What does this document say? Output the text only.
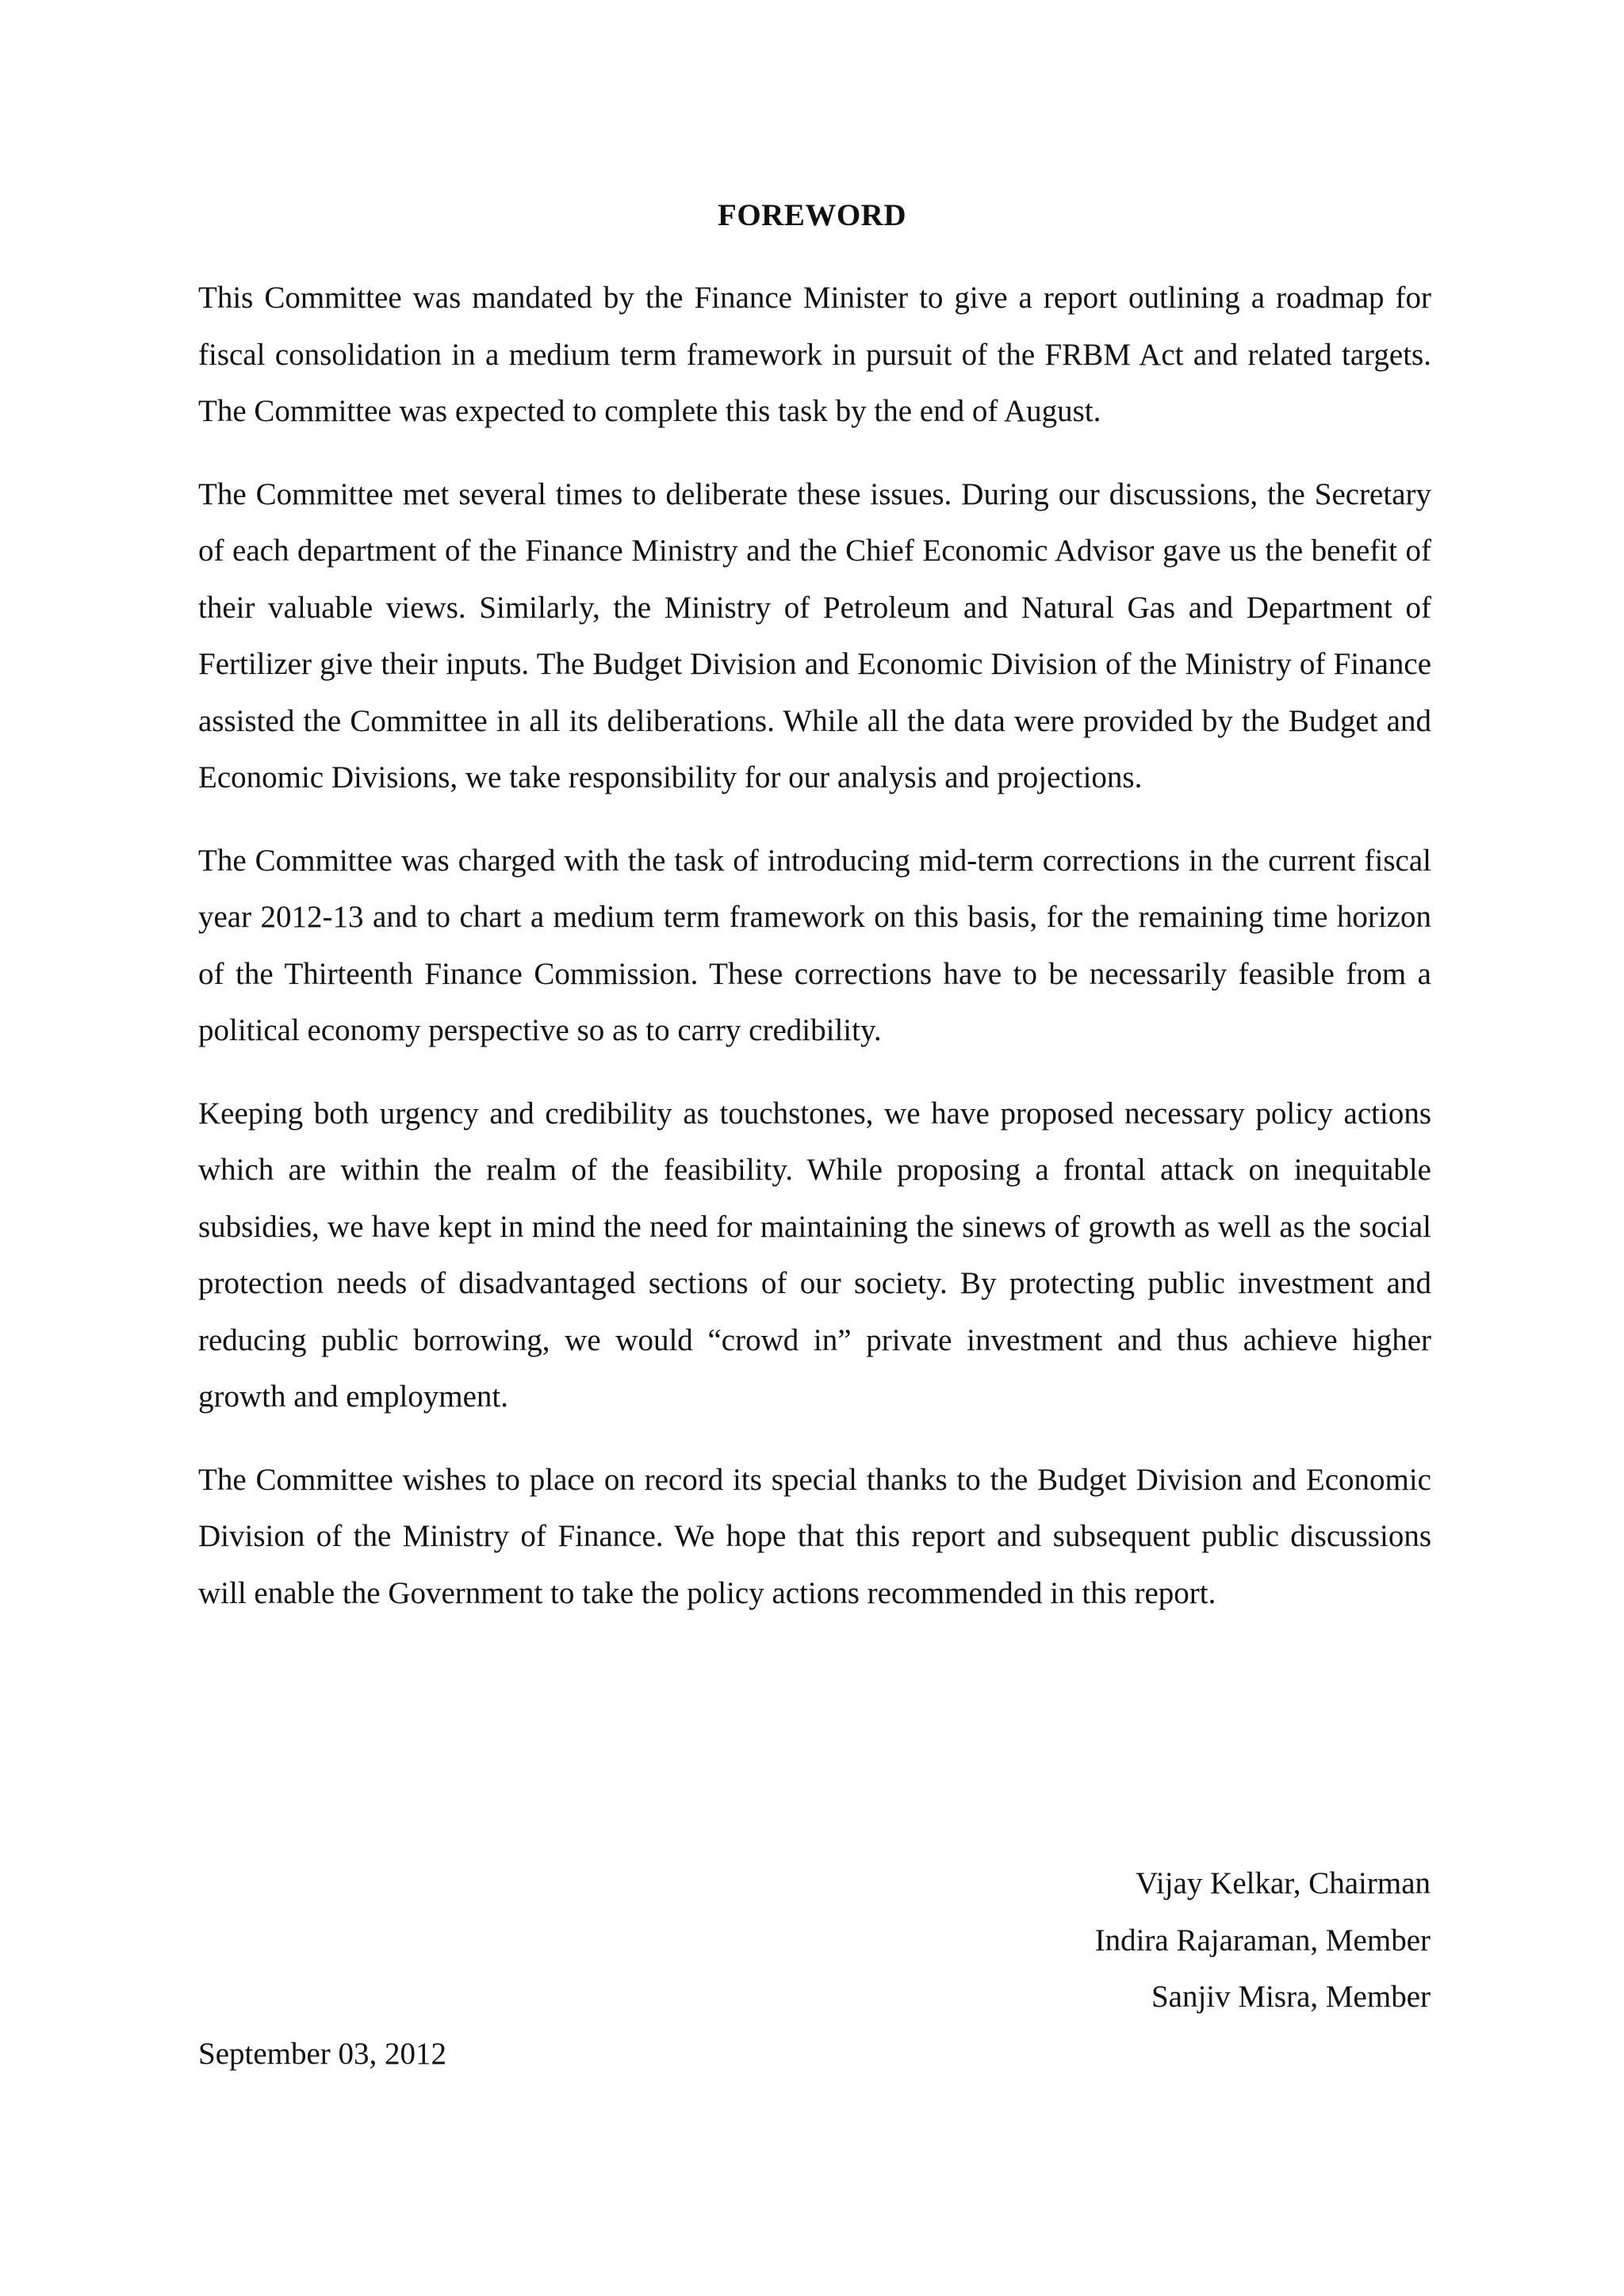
FOREWORD

This Committee was mandated by the Finance Minister to give a report outlining a roadmap for fiscal consolidation in a medium term framework in pursuit of the FRBM Act and related targets. The Committee was expected to complete this task by the end of August.

The Committee met several times to deliberate these issues. During our discussions, the Secretary of each department of the Finance Ministry and the Chief Economic Advisor gave us the benefit of their valuable views. Similarly, the Ministry of Petroleum and Natural Gas and Department of Fertilizer give their inputs. The Budget Division and Economic Division of the Ministry of Finance assisted the Committee in all its deliberations. While all the data were provided by the Budget and Economic Divisions, we take responsibility for our analysis and projections.

The Committee was charged with the task of introducing mid-term corrections in the current fiscal year 2012-13 and to chart a medium term framework on this basis, for the remaining time horizon of the Thirteenth Finance Commission. These corrections have to be necessarily feasible from a political economy perspective so as to carry credibility.

Keeping both urgency and credibility as touchstones, we have proposed necessary policy actions which are within the realm of the feasibility. While proposing a frontal attack on inequitable subsidies, we have kept in mind the need for maintaining the sinews of growth as well as the social protection needs of disadvantaged sections of our society. By protecting public investment and reducing public borrowing, we would “crowd in” private investment and thus achieve higher growth and employment.

The Committee wishes to place on record its special thanks to the Budget Division and Economic Division of the Ministry of Finance. We hope that this report and subsequent public discussions will enable the Government to take the policy actions recommended in this report.

Vijay Kelkar, Chairman
Indira Rajaraman, Member
Sanjiv Misra, Member
September 03, 2012
